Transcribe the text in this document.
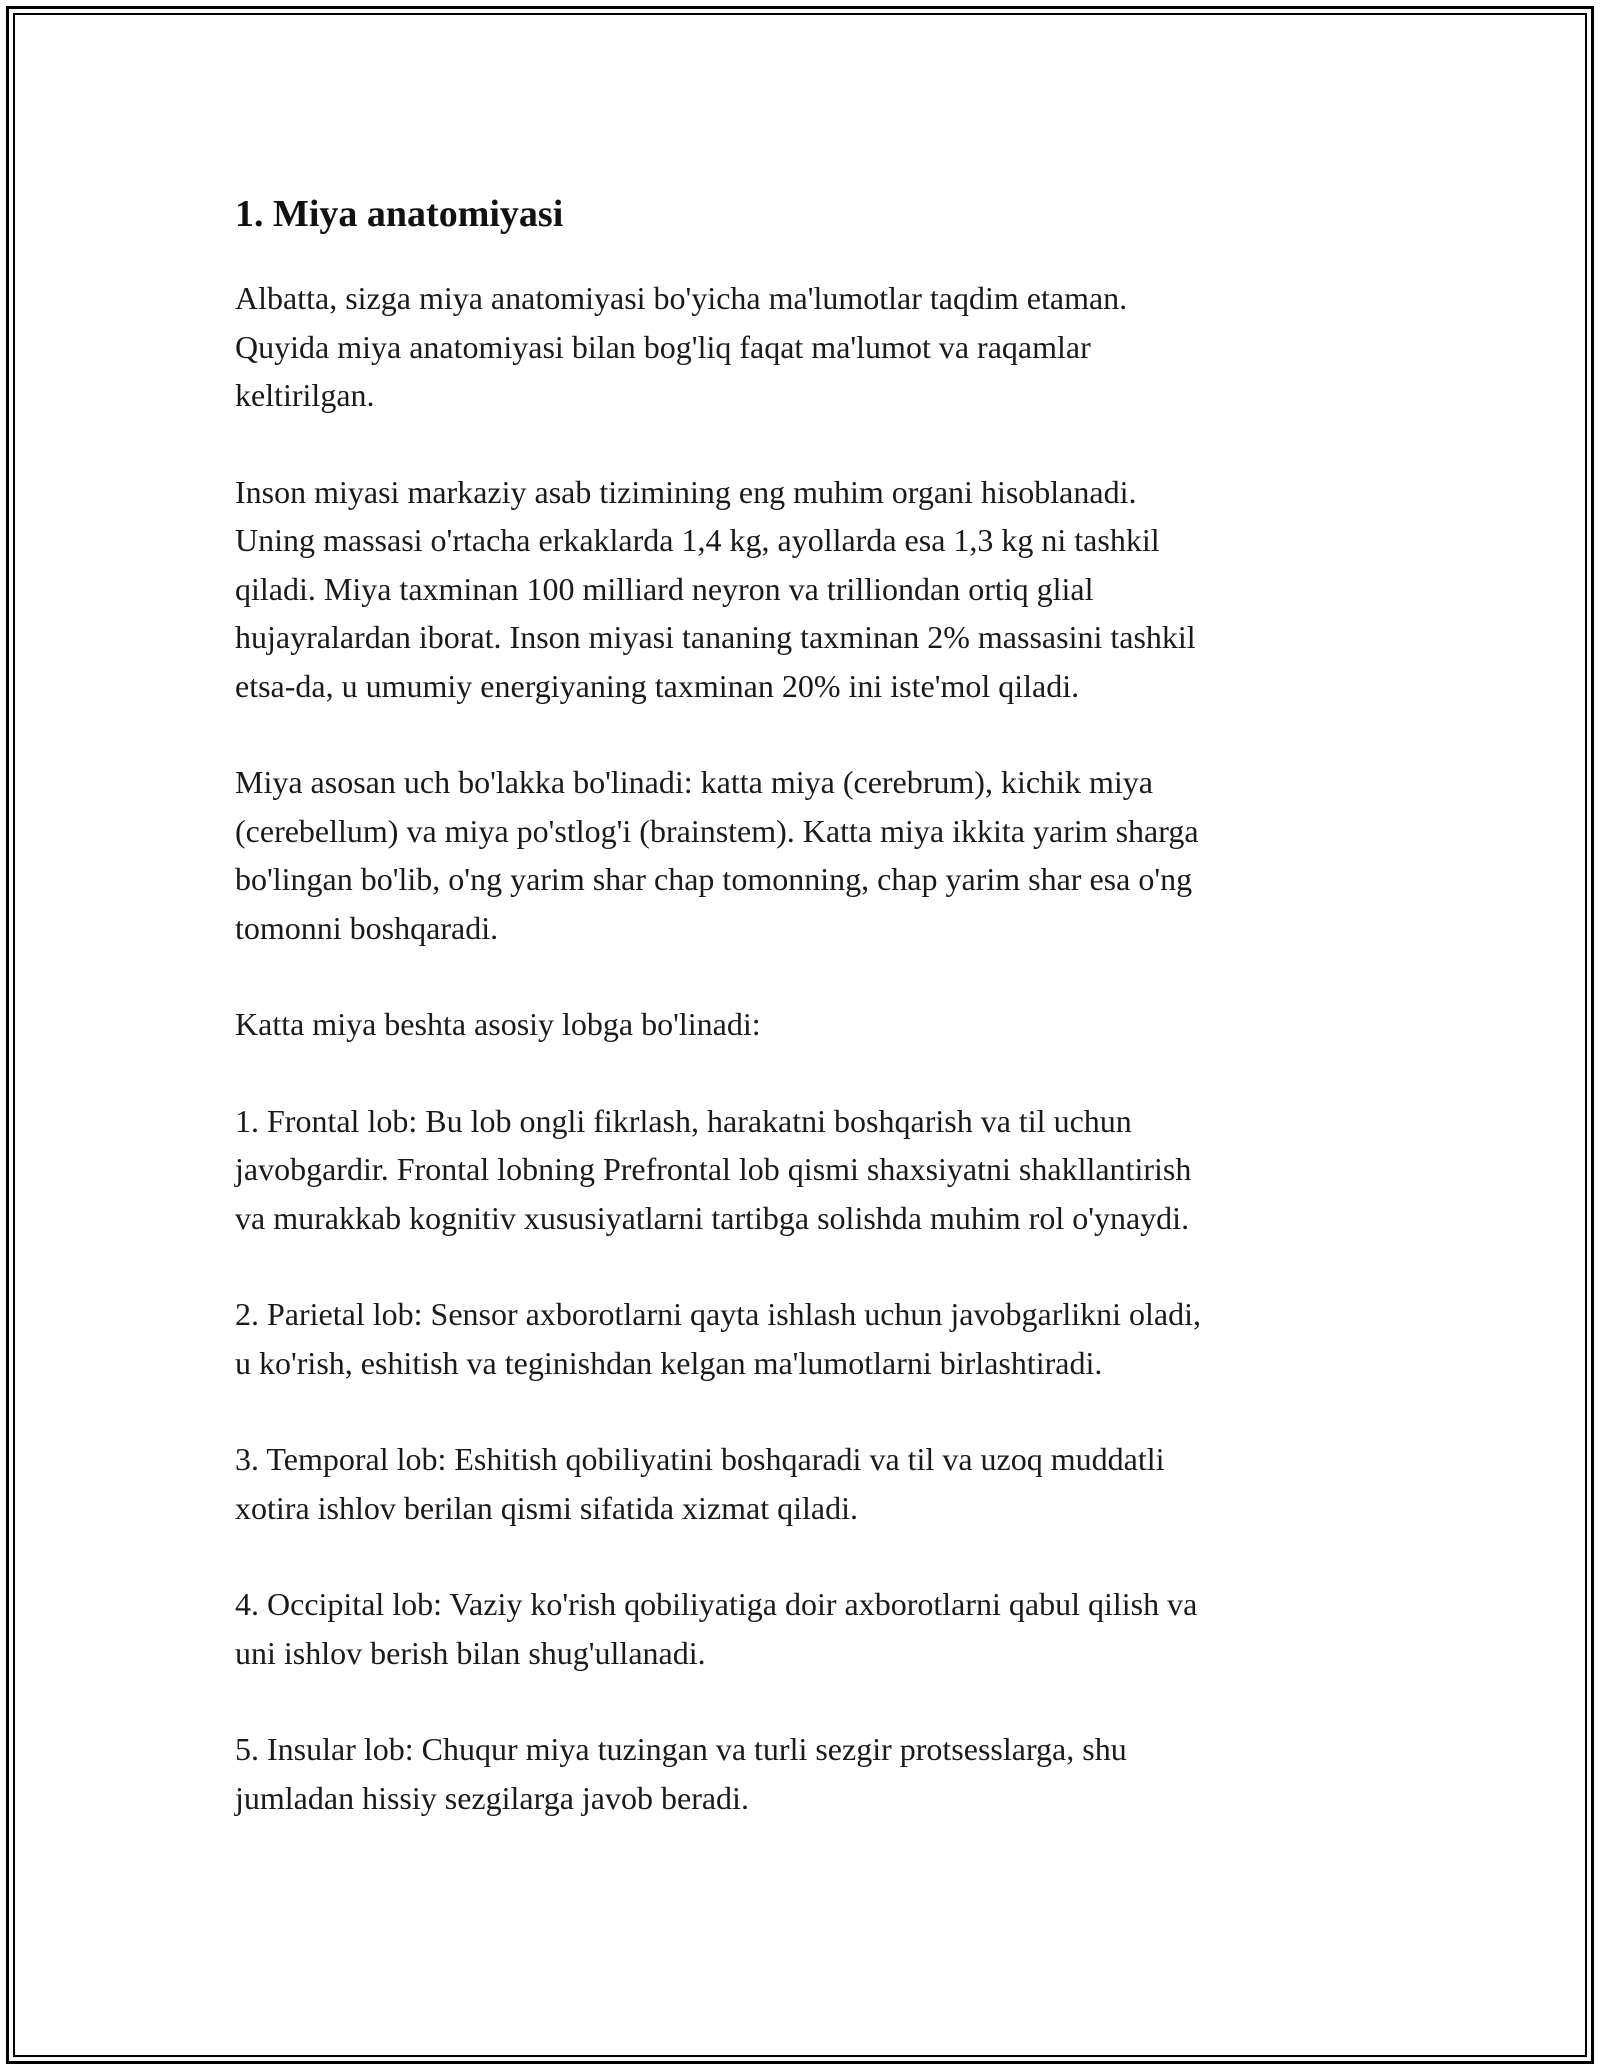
1. Miya anatomiyasi

Albatta, sizga miya anatomiyasi bo'yicha ma'lumotlar taqdim etaman.
Quyida miya anatomiyasi bilan bog'liq faqat ma'lumot va raqamlar
keltirilgan.

Inson miyasi markaziy asab tizimining eng muhim organi hisoblanadi.
Uning massasi o'rtacha erkaklarda 1,4 kg, ayollarda esa 1,3 kg ni tashkil
qiladi. Miya taxminan 100 milliard neyron va trilliondan ortiq glial
hujayralardan iborat. Inson miyasi tananing taxminan 2% massasini tashkil
etsa-da, u umumiy energiyaning taxminan 20% ini iste'mol qiladi.

Miya asosan uch bo'lakka bo'linadi: katta miya (cerebrum), kichik miya
(cerebellum) va miya po'stlog'i (brainstem). Katta miya ikkita yarim sharga
bo'lingan bo'lib, o'ng yarim shar chap tomonning, chap yarim shar esa o'ng
tomonni boshqaradi.

Katta miya beshta asosiy lobga bo'linadi:

1. Frontal lob: Bu lob ongli fikrlash, harakatni boshqarish va til uchun
javobgardir. Frontal lobning Prefrontal lob qismi shaxsiyatni shakllantirish
va murakkab kognitiv xususiyatlarni tartibga solishda muhim rol o'ynaydi.

2. Parietal lob: Sensor axborotlarni qayta ishlash uchun javobgarlikni oladi,
u ko'rish, eshitish va teginishdan kelgan ma'lumotlarni birlashtiradi.

3. Temporal lob: Eshitish qobiliyatini boshqaradi va til va uzoq muddatli
xotira ishlov berilan qismi sifatida xizmat qiladi.

4. Occipital lob: Vaziy ko'rish qobiliyatiga doir axborotlarni qabul qilish va
uni ishlov berish bilan shug'ullanadi.

5. Insular lob: Chuqur miya tuzingan va turli sezgir protsesslarga, shu
jumladan hissiy sezgilarga javob beradi.
